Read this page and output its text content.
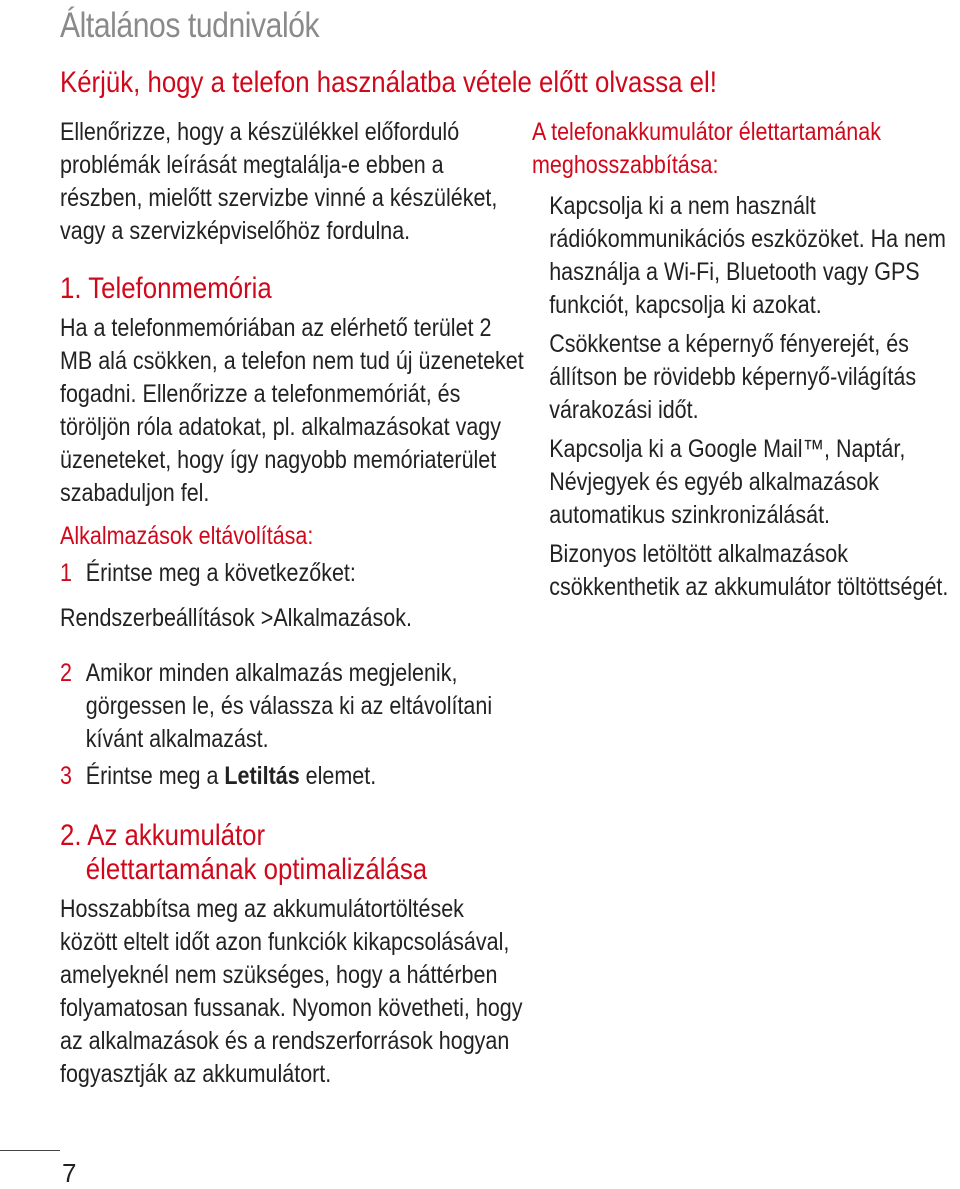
Általános tudnivalók
Kérjük, hogy a telefon használatba vétele előtt olvassa el!

Ellenőrizze, hogy a készülékkel előforduló problémák leírását megtalálja-e ebben a részben, mielőtt szervizbe vinné a készüléket, vagy a szervizképviselőhöz fordulna.

1. Telefonmemória

Ha a telefonmemóriában az elérhető terület 2 MB alá csökken, a telefon nem tud új üzeneteket fogadni. Ellenőrizze a telefonmemóriát, és töröljön róla adatokat, pl. alkalmazásokat vagy üzeneteket, hogy így nagyobb memóriaterület szabaduljon fel.

Alkalmazások eltávolítása:

1 Érintse meg a következőket:
Rendszerbeállítások >Alkalmazások.
2 Amikor minden alkalmazás megjelenik, görgessen le, és válassza ki az eltávolítani kívánt alkalmazást.
3 Érintse meg a Letiltás elemet.

2. Az akkumulátor

élettartamának optimalizálása

Hosszabbítsa meg az akkumulátortöltések között eltelt időt azon funkciók kikapcsolásával, amelyeknél nem szükséges, hogy a háttérben folyamatosan fussanak. Nyomon követheti, hogy az alkalmazások és a rendszerforrások hogyan fogyasztják az akkumulátort.

A telefonakkumulátor élettartamának meghosszabbítása:

Kapcsolja ki a nem használt rádiókommunikációs eszközöket. Ha nem használja a Wi-Fi, Bluetooth vagy GPS funkciót, kapcsolja ki azokat.

Csökkentse a képernyő fényerejét, és állítson be rövidebb képernyő-világítás várakozási időt.

Kapcsolja ki a Google Mail™, Naptár, Névjegyek és egyéb alkalmazások automatikus szinkronizálását.

Bizonyos letöltött alkalmazások csökkenthetik az akkumulátor töltöttségét.

7
